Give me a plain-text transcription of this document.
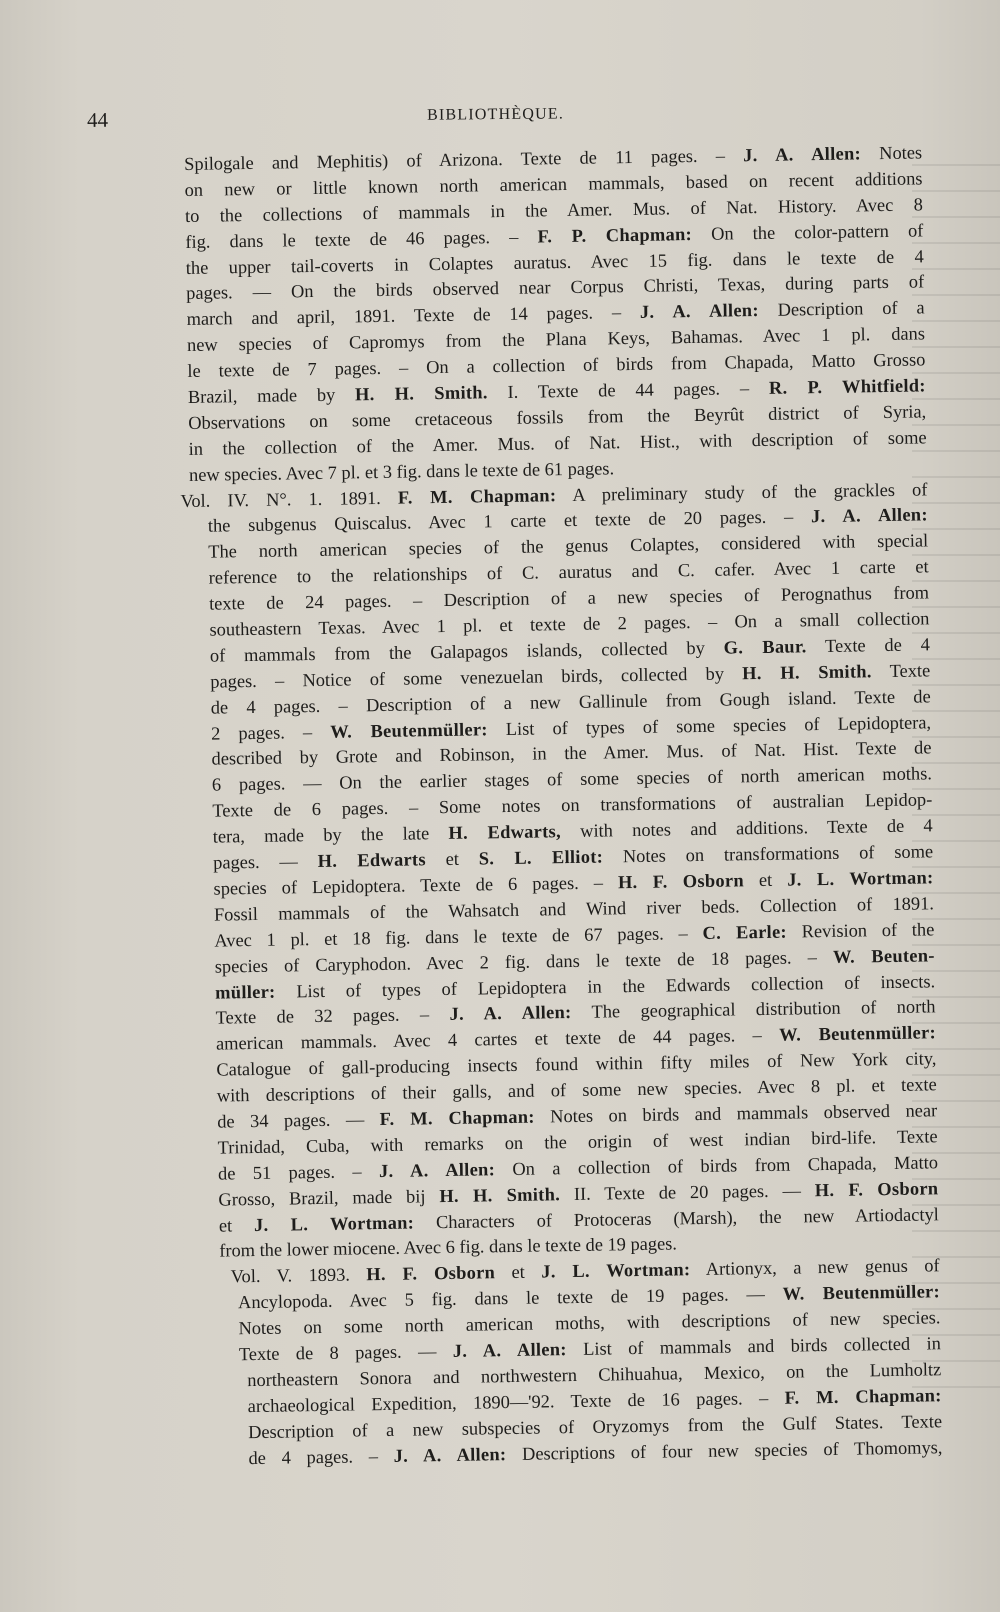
44	BIBLIOTHÈQUE.
Spilogale and Mephitis) of Arizona. Texte de 11 pages. – J. A. Allen: Notes
on new or little known north american mammals, based on recent additions
to the collections of mammals in the Amer. Mus. of Nat. History. Avec 8
fig. dans le texte de 46 pages. – F. P. Chapman: On the color-pattern of
the upper tail-coverts in Colaptes auratus. Avec 15 fig. dans le texte de 4
pages. — On the birds observed near Corpus Christi, Texas, during parts of
march and april, 1891. Texte de 14 pages. – J. A. Allen: Description of a
new species of Capromys from the Plana Keys, Bahamas. Avec 1 pl. dans
le texte de 7 pages. – On a collection of birds from Chapada, Matto Grosso
Brazil, made by H. H. Smith. I. Texte de 44 pages. – R. P. Whitfield:
Observations on some cretaceous fossils from the Beyrût district of Syria,
in the collection of the Amer. Mus. of Nat. Hist., with description of some
new species. Avec 7 pl. et 3 fig. dans le texte de 61 pages.
Vol. IV. N°. 1. 1891. F. M. Chapman: A preliminary study of the grackles of
the subgenus Quiscalus. Avec 1 carte et texte de 20 pages. – J. A. Allen:
The north american species of the genus Colaptes, considered with special
reference to the relationships of C. auratus and C. cafer. Avec 1 carte et
texte de 24 pages. – Description of a new species of Perognathus from
southeastern Texas. Avec 1 pl. et texte de 2 pages. – On a small collection
of mammals from the Galapagos islands, collected by G. Baur. Texte de 4
pages. – Notice of some venezuelan birds, collected by H. H. Smith. Texte
de 4 pages. – Description of a new Gallinule from Gough island. Texte de
2 pages. – W. Beutenmüller: List of types of some species of Lepidoptera,
described by Grote and Robinson, in the Amer. Mus. of Nat. Hist. Texte de
6 pages. — On the earlier stages of some species of north american moths.
Texte de 6 pages. – Some notes on transformations of australian Lepidop-
tera, made by the late H. Edwarts, with notes and additions. Texte de 4
pages. — H. Edwarts et S. L. Elliot: Notes on transformations of some
species of Lepidoptera. Texte de 6 pages. – H. F. Osborn et J. L. Wortman:
Fossil mammals of the Wahsatch and Wind river beds. Collection of 1891.
Avec 1 pl. et 18 fig. dans le texte de 67 pages. – C. Earle: Revision of the
species of Caryphodon. Avec 2 fig. dans le texte de 18 pages. – W. Beuten-
müller: List of types of Lepidoptera in the Edwards collection of insects.
Texte de 32 pages. – J. A. Allen: The geographical distribution of north
american mammals. Avec 4 cartes et texte de 44 pages. – W. Beutenmüller:
Catalogue of gall-producing insects found within fifty miles of New York city,
with descriptions of their galls, and of some new species. Avec 8 pl. et texte
de 34 pages. — F. M. Chapman: Notes on birds and mammals observed near
Trinidad, Cuba, with remarks on the origin of west indian bird-life. Texte
de 51 pages. – J. A. Allen: On a collection of birds from Chapada, Matto
Grosso, Brazil, made bij H. H. Smith. II. Texte de 20 pages. — H. F. Osborn
et J. L. Wortman: Characters of Protoceras (Marsh), the new Artiodactyl
from the lower miocene. Avec 6 fig. dans le texte de 19 pages.
Vol. V. 1893. H. F. Osborn et J. L. Wortman: Artionyx, a new genus of
Ancylopoda. Avec 5 fig. dans le texte de 19 pages. — W. Beutenmüller:
Notes on some north american moths, with descriptions of new species.
Texte de 8 pages. — J. A. Allen: List of mammals and birds collected in
northeastern Sonora and northwestern Chihuahua, Mexico, on the Lumholtz
archaeological Expedition, 1890—'92. Texte de 16 pages. – F. M. Chapman:
Description of a new subspecies of Oryzomys from the Gulf States. Texte
de 4 pages. – J. A. Allen: Descriptions of four new species of Thomomys,
